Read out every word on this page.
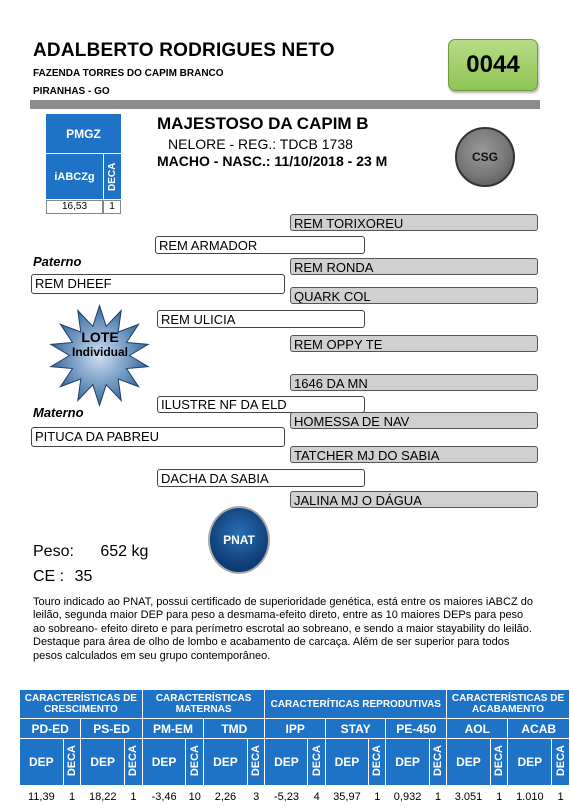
ADALBERTO RODRIGUES NETO
FAZENDA TORRES DO CAPIM BRANCO
PIRANHAS - GO
0044
PMGZ
iABCZg	DECA
16,53	1
MAJESTOSO DA CAPIM B
NELORE - REG.: TDCB 1738
MACHO - NASC.: 11/10/2018 - 23 M	CSG
REM TORIXOREU
REM ARMADOR
Paterno	REM RONDA
REM DHEEF
QUARK COL
REM ULICIA
REM OPPY TE
LOTE
Individual
1646 DA MN
ILUSTRE NF DA ELD
Materno
HOMESSA DE NAV
PITUCA DA PABREU
TATCHER MJ DO SABIA
DACHA DA SABIA
JALINA MJ O DÁGUA
PNAT
Peso: 652 kg
CE : 35
Touro indicado ao PNAT, possui certificado de superioridade genética, está entre os maiores iABCZ do leilão, segunda maior DEP para peso a desmama-efeito direto, entre as 10 maiores DEPs para peso ao sobreano- efeito direto e para perímetro escrotal ao sobreano, e sendo a maior stayability do leilão. Destaque para área de olho de lombo e acabamento de carcaça. Além de ser superior para todos pesos calculados em seu grupo contemporâneo.
CARACTERÍSTICAS DE CRESCIMENTO				CARACTERÍSTICAS MATERNAS				CARACTERÍTICAS REPRODUTIVAS						CARACTERÍSTICAS DE ACABAMENTO			
PD-ED		PS-ED		PM-EM		TMD		IPP		STAY		PE-450		AOL		ACAB	
DEP	DECA	DEP	DECA	DEP	DECA	DEP	DECA	DEP	DECA	DEP	DECA	DEP	DECA	DEP	DECA	DEP	DECA
11,39	1	18,22	1	-3,46	10	2,26	3	-5,23	4	35,97	1	0,932	1	3.051	1	1.010	1
